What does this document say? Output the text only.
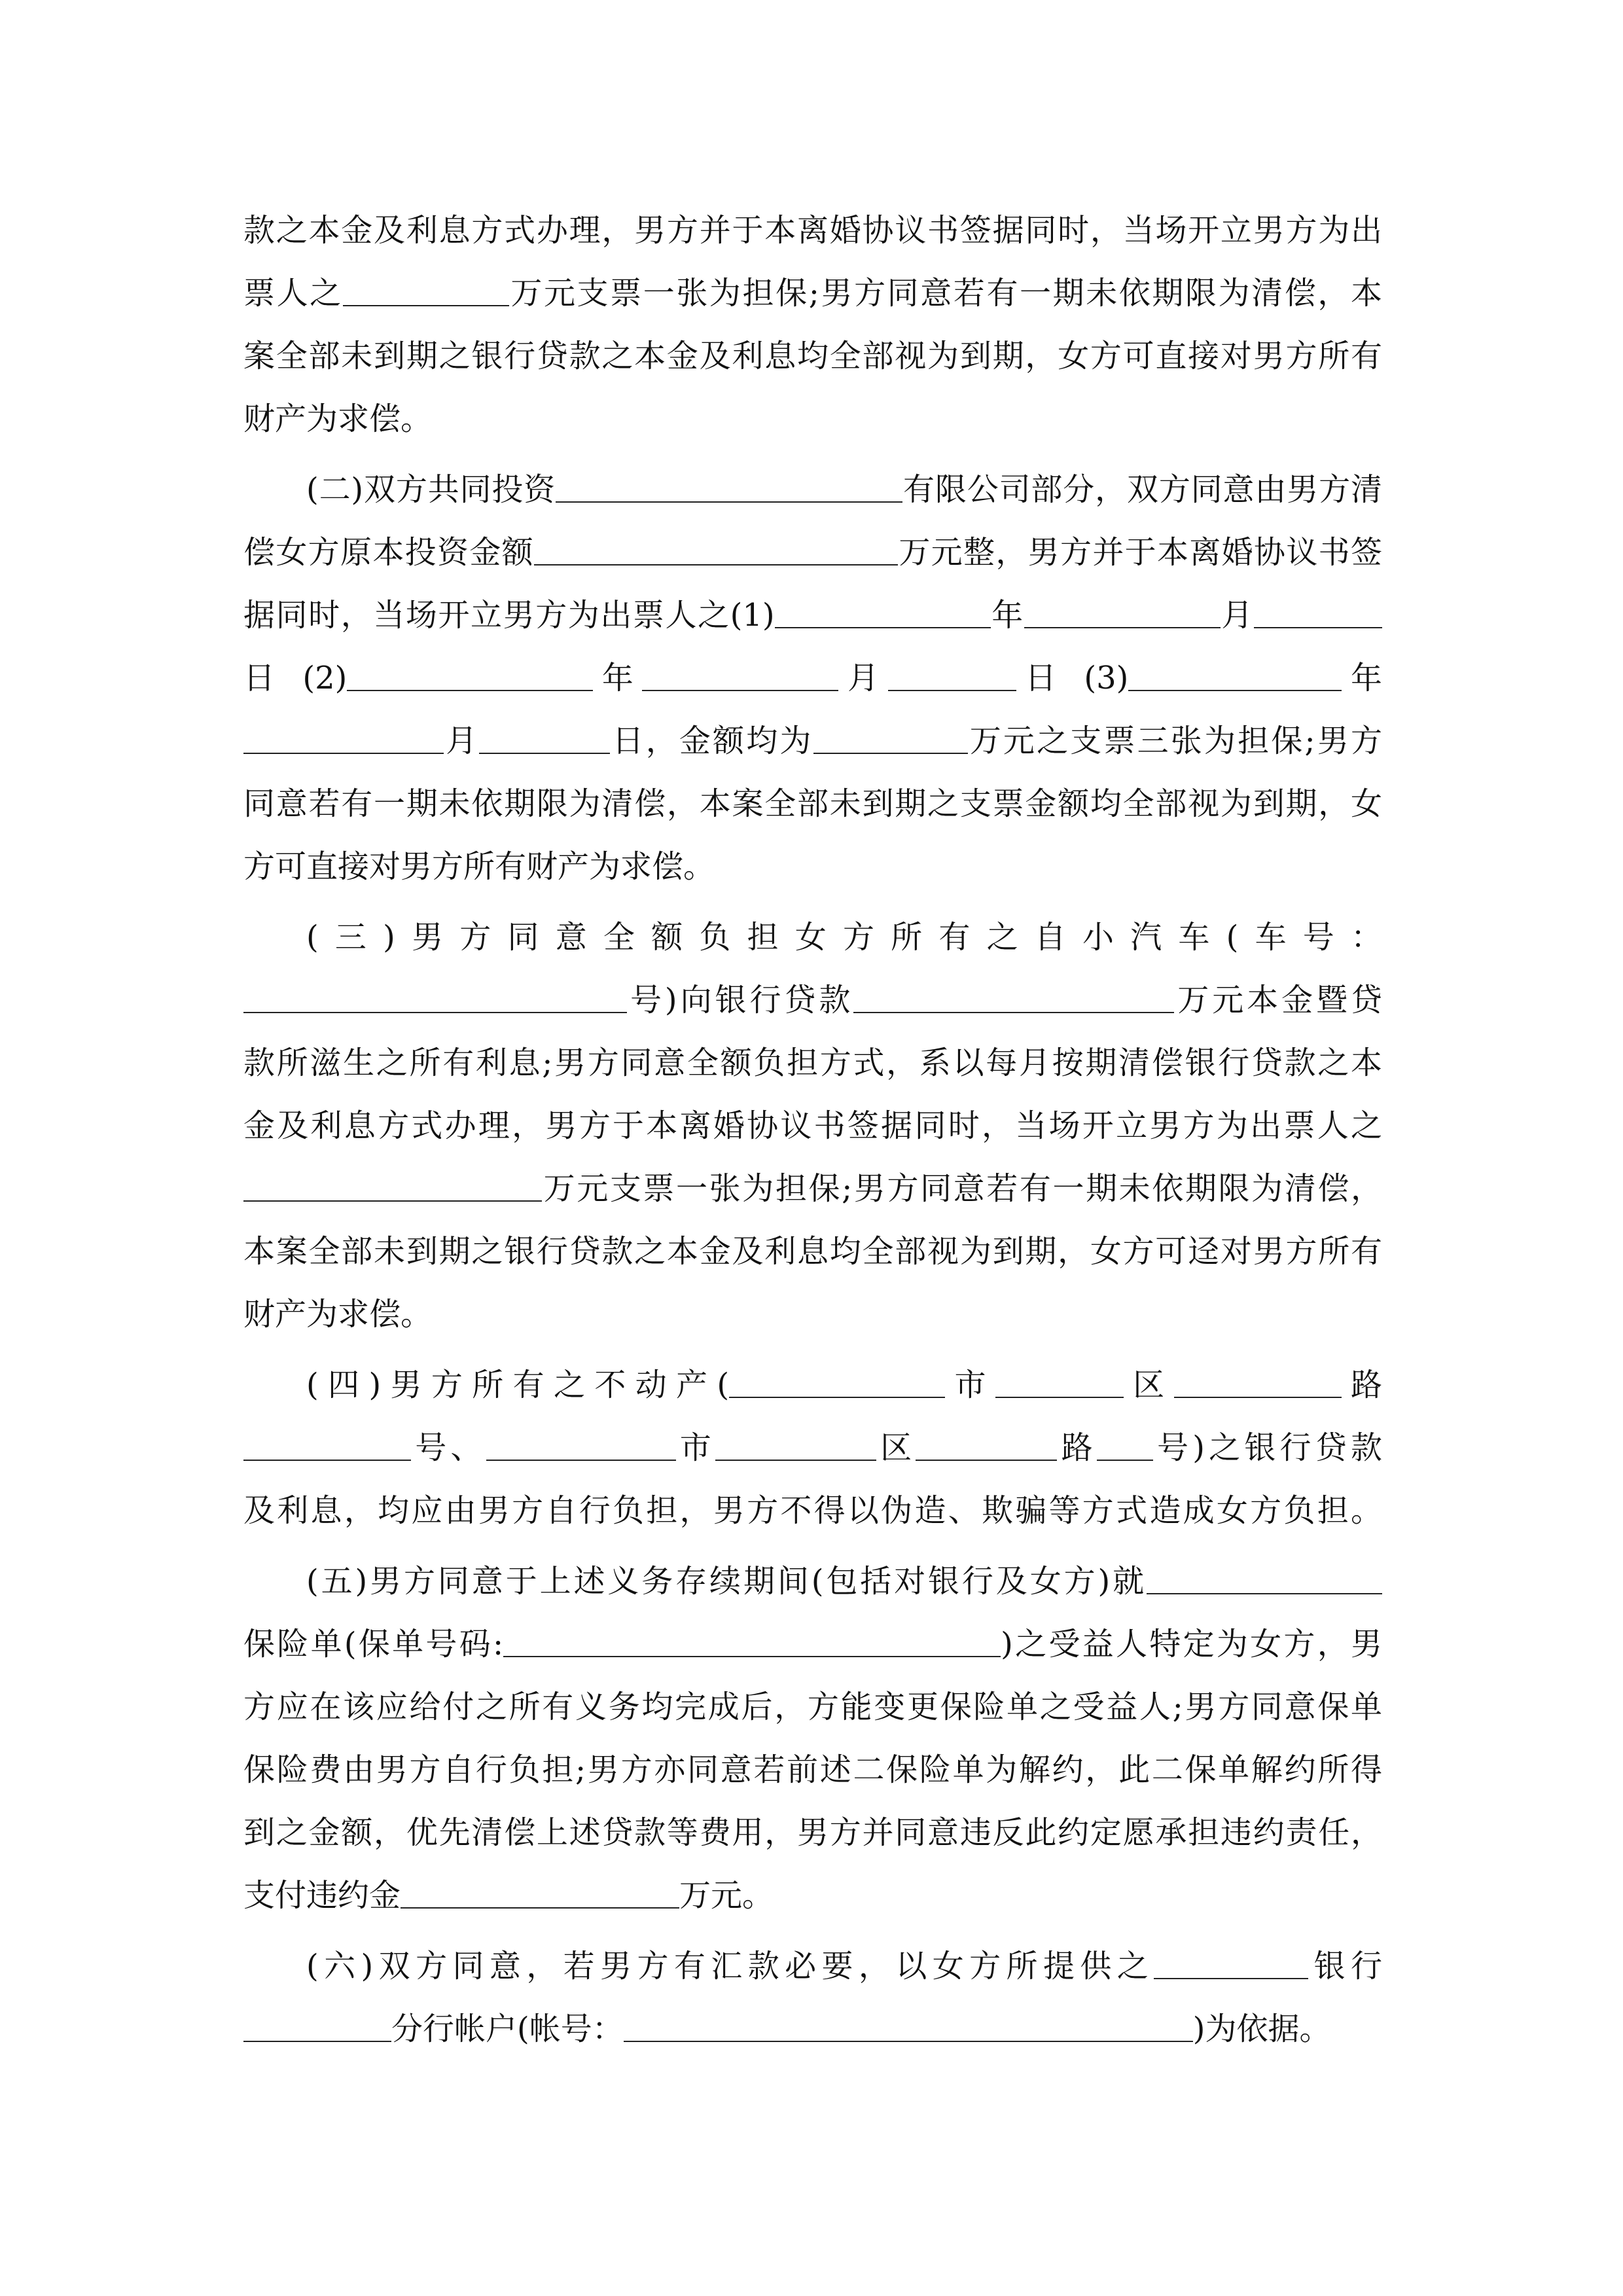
款之本金及利息方式办理，男方并于本离婚协议书签据同时，当场开立男方为出
票人之	万元支票一张为担保;男方同意若有一期未依期限为清偿，本
案全部未到期之银行贷款之本金及利息均全部视为到期，女方可直接对男方所有
财产为求偿。
(二)双方共同投资	有限公司部分，双方同意由男方清
偿女方原本投资金额	万元整，男方并于本离婚协议书签
据同时，当场开立男方为出票人之(1)	年	月
日 (2)	年	月	日 (3)	年
月	日，金额均为	万元之支票三张为担保;男方
同意若有一期未依期限为清偿，本案全部未到期之支票金额均全部视为到期，女
方可直接对男方所有财产为求偿。
(三)男方同意全额负担女方所有之自小汽车(车号：
号)向银行贷款	万元本金暨贷
款所滋生之所有利息;男方同意全额负担方式，系以每月按期清偿银行贷款之本
金及利息方式办理，男方于本离婚协议书签据同时，当场开立男方为出票人之
万元支票一张为担保;男方同意若有一期未依期限为清偿，
本案全部未到期之银行贷款之本金及利息均全部视为到期，女方可迳对男方所有
财产为求偿。
(四)男方所有之不动产(	市	区	路
号、	市	区	路 号)之银行贷款
及利息，均应由男方自行负担，男方不得以伪造、欺骗等方式造成女方负担。
(五)男方同意于上述义务存续期间(包括对银行及女方)就
保险单(保单号码:	)之受益人特定为女方，男
方应在该应给付之所有义务均完成后，方能变更保险单之受益人;男方同意保单
保险费由男方自行负担;男方亦同意若前述二保险单为解约，此二保单解约所得
到之金额，优先清偿上述贷款等费用，男方并同意违反此约定愿承担违约责任，
支付违约金	万元。
(六)双方同意，若男方有汇款必要，以女方所提供之	银行
分行帐户(帐号：	)为依据。
